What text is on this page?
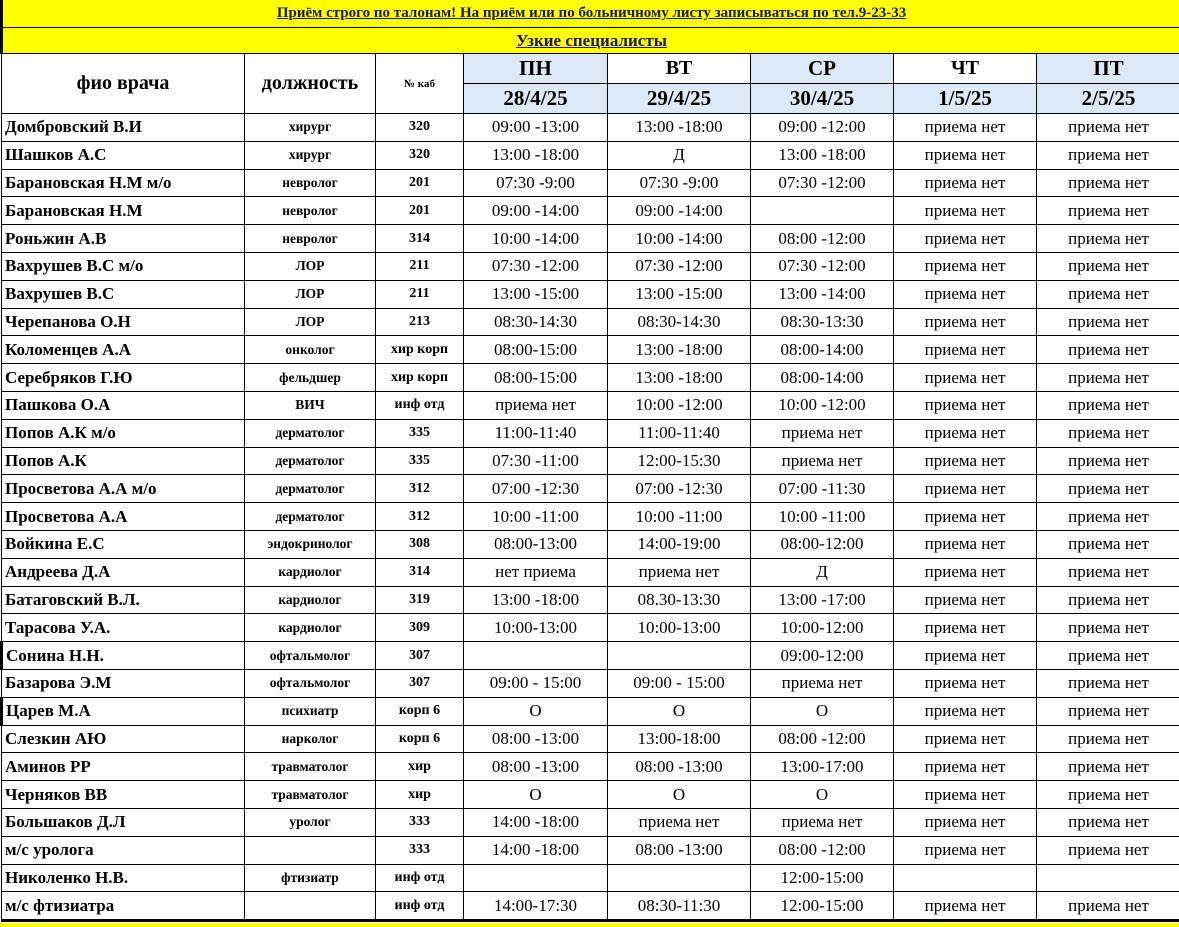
Приём строго по талонам! На приём или по больничному листу записываться по тел.9-23-33							
Узкие специалисты							
фио врача	должность	№ каб	ПН	ВТ	СР	ЧТ	ПТ
			28/4/25	29/4/25	30/4/25	1/5/25	2/5/25
Домбровский В.И	хирург	320	09:00 -13:00	13:00 -18:00	09:00 -12:00	приема нет	приема нет
Шашков А.С	хирург	320	13:00 -18:00	Д	13:00 -18:00	приема нет	приема нет
Барановская Н.М м/о	невролог	201	07:30 -9:00	07:30 -9:00	07:30 -12:00	приема нет	приема нет
Барановская Н.М	невролог	201	09:00 -14:00	09:00 -14:00		приема нет	приема нет
Роньжин А.В	невролог	314	10:00 -14:00	10:00 -14:00	08:00 -12:00	приема нет	приема нет
Вахрушев В.С м/о	ЛОР	211	07:30 -12:00	07:30 -12:00	07:30 -12:00	приема нет	приема нет
Вахрушев В.С	ЛОР	211	13:00 -15:00	13:00 -15:00	13:00 -14:00	приема нет	приема нет
Черепанова О.Н	ЛОР	213	08:30-14:30	08:30-14:30	08:30-13:30	приема нет	приема нет
Коломенцев А.А	онколог	хир корп	08:00-15:00	13:00 -18:00	08:00-14:00	приема нет	приема нет
Серебряков Г.Ю	фельдшер	хир корп	08:00-15:00	13:00 -18:00	08:00-14:00	приема нет	приема нет
Пашкова О.А	ВИЧ	инф отд	приема нет	10:00 -12:00	10:00 -12:00	приема нет	приема нет
Попов А.К м/о	дерматолог	335	11:00-11:40	11:00-11:40	приема нет	приема нет	приема нет
Попов А.К	дерматолог	335	07:30 -11:00	12:00-15:30	приема нет	приема нет	приема нет
Просветова А.А м/о	дерматолог	312	07:00 -12:30	07:00 -12:30	07:00 -11:30	приема нет	приема нет
Просветова А.А	дерматолог	312	10:00 -11:00	10:00 -11:00	10:00 -11:00	приема нет	приема нет
Войкина Е.С	эндокринолог	308	08:00-13:00	14:00-19:00	08:00-12:00	приема нет	приема нет
Андреева Д.А	кардиолог	314	нет приема	приема нет	Д	приема нет	приема нет
Батаговский В.Л.	кардиолог	319	13:00 -18:00	08.30-13:30	13:00 -17:00	приема нет	приема нет
Тарасова У.А.	кардиолог	309	10:00-13:00	10:00-13:00	10:00-12:00	приема нет	приема нет
Сонина Н.Н.	офтальмолог	307			09:00-12:00	приема нет	приема нет
Базарова Э.М	офтальмолог	307	09:00 - 15:00	09:00 - 15:00	приема нет	приема нет	приема нет
Царев М.А	психиатр	корп 6	О	О	О	приема нет	приема нет
Слезкин АЮ	нарколог	корп 6	08:00 -13:00	13:00-18:00	08:00 -12:00	приема нет	приема нет
Аминов РР	травматолог	хир	08:00 -13:00	08:00 -13:00	13:00-17:00	приема нет	приема нет
Черняков ВВ	травматолог	хир	О	О	О	приема нет	приема нет
Большаков Д.Л	уролог	333	14:00 -18:00	приема нет	приема нет	приема нет	приема нет
м/с уролога		333	14:00 -18:00	08:00 -13:00	08:00 -12:00	приема нет	приема нет
Николенко Н.В.	фтизиатр	инф отд			12:00-15:00		
м/с фтизиатра		инф отд	14:00-17:30	08:30-11:30	12:00-15:00	приема нет	приема нет
